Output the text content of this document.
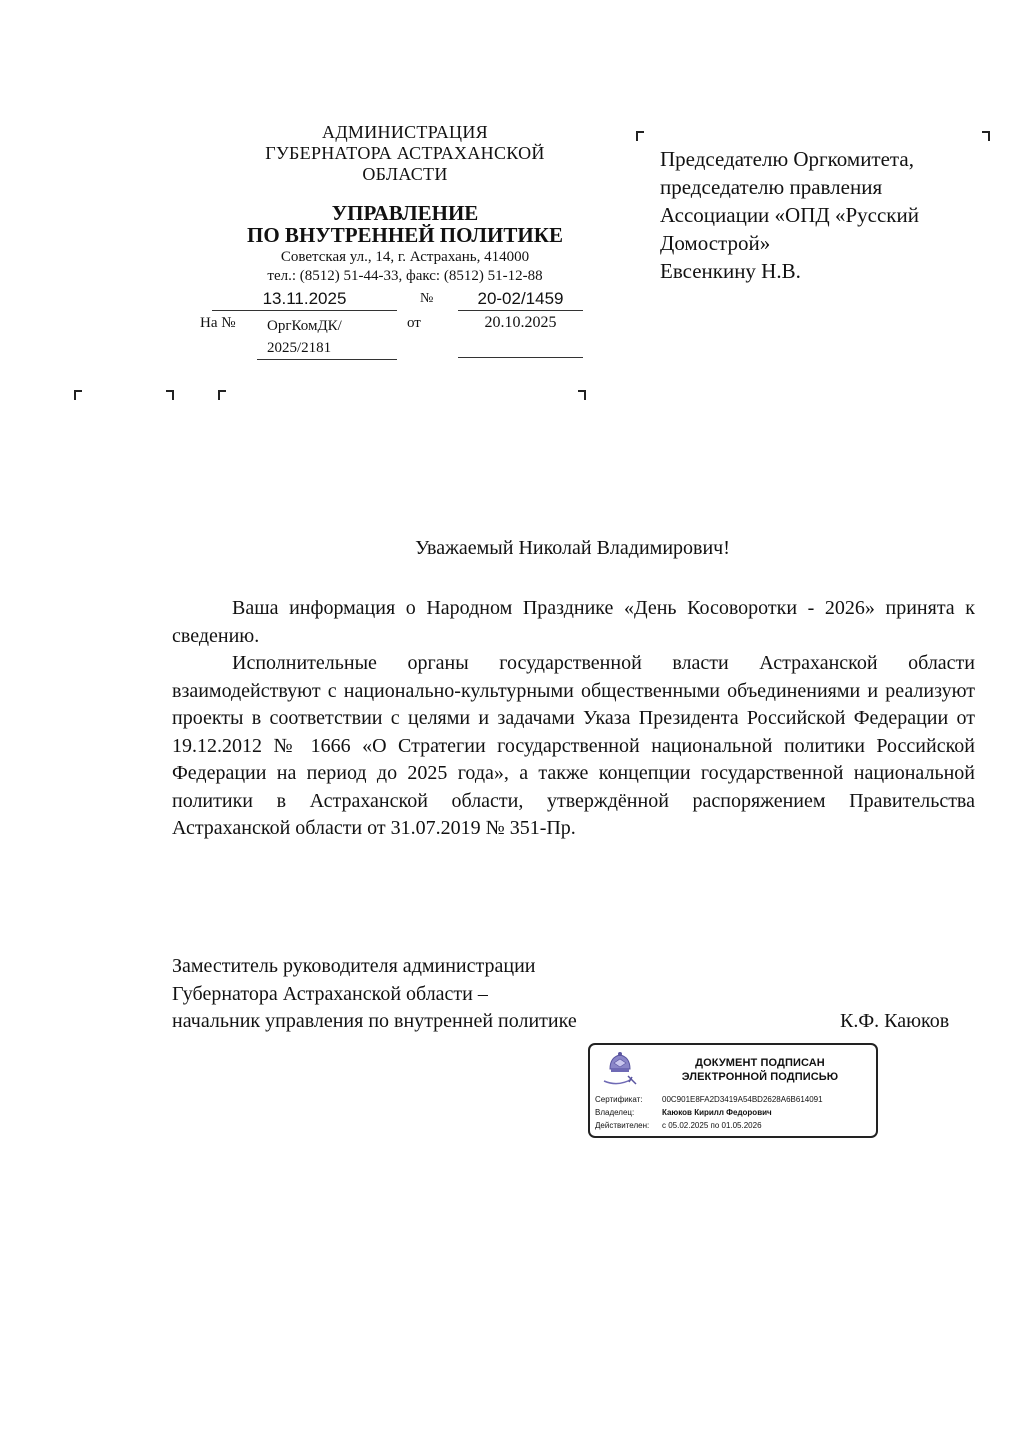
АДМИНИСТРАЦИЯ
ГУБЕРНАТОРА АСТРАХАНСКОЙ
ОБЛАСТИ
УПРАВЛЕНИЕ
ПО ВНУТРЕННЕЙ ПОЛИТИКЕ
Советская ул., 14, г. Астрахань, 414000
тел.: (8512) 51-44-33, факс: (8512) 51-12-88
13.11.2025	№	20-02/1459
На № ОргКомДК/
2025/2181
от	20.10.2025
Председателю Оргкомитета,
председателю правления
Ассоциации «ОПД «Русский
Домострой»
Евсенкину Н.В.
Уважаемый Николай Владимирович!

Ваша информация о Народном Празднике «День Косоворотки - 2026» принята к сведению.

Исполнительные органы государственной власти Астраханской области взаимодействуют с национально-культурными общественными объединениями и реализуют проекты в соответствии с целями и задачами Указа Президента Российской Федерации от 19.12.2012 № 1666 «О Стратегии государственной национальной политики Российской Федерации на период до 2025 года», а также концепции государственной национальной политики в Астраханской области, утверждённой распоряжением Правительства Астраханской области от 31.07.2019 № 351-Пр.

Заместитель руководителя администрации
Губернатора Астраханской области –
начальник управления по внутренней политике	К.Ф. Каюков
ДОКУМЕНТ ПОДПИСАН
ЭЛЕКТРОННОЙ ПОДПИСЬЮ
Сертификат: 00C901E8FA2D3419A54BD2628A6B614091
Владелец:	Каюков Кирилл Федорович
Действителен: с 05.02.2025 по 01.05.2026
